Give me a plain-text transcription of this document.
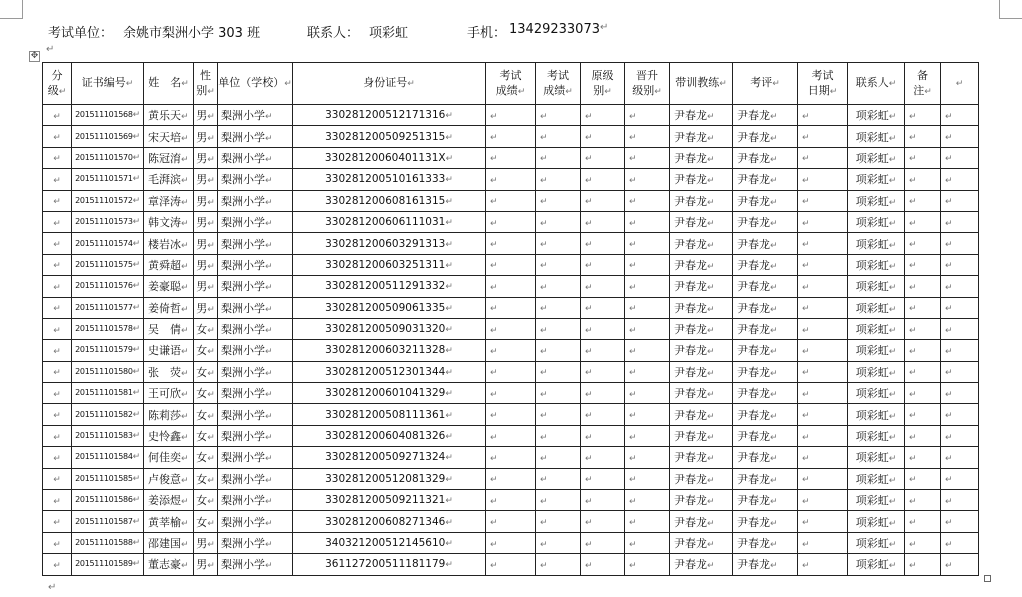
考试单位： 余姚市梨洲小学 303 班	联系人： 项彩虹	手机： 13429233073 ↵
↵
✥
分
级↵	证书编号↵	姓　名↵	性
别↵	单位（学校）↵	身份证号↵	考试
成绩↵	考试
成绩↵	原级
别↵	晋升
级别↵	带训教练↵	考评↵	考试
日期↵	联系人↵	备
注↵	↵
↵	201511101568↵	黄乐天↵	男↵	梨洲小学↵	330281200512171316↵	↵	↵	↵	↵	尹春龙↵	尹春龙↵	↵	项彩虹↵	↵	↵
↵	201511101569↵	宋天培↵	男↵	梨洲小学↵	330281200509251315↵	↵	↵	↵	↵	尹春龙↵	尹春龙↵	↵	项彩虹↵	↵	↵
↵	201511101570↵	陈冠淯↵	男↵	梨洲小学↵	33028120060401131X↵	↵	↵	↵	↵	尹春龙↵	尹春龙↵	↵	项彩虹↵	↵	↵
↵	201511101571↵	毛湃滨↵	男↵	梨洲小学↵	330281200510161333↵	↵	↵	↵	↵	尹春龙↵	尹春龙↵	↵	项彩虹↵	↵	↵
↵	201511101572↵	章泽涛↵	男↵	梨洲小学↵	330281200608161315↵	↵	↵	↵	↵	尹春龙↵	尹春龙↵	↵	项彩虹↵	↵	↵
↵	201511101573↵	韩文涛↵	男↵	梨洲小学↵	330281200606111031↵	↵	↵	↵	↵	尹春龙↵	尹春龙↵	↵	项彩虹↵	↵	↵
↵	201511101574↵	楼岩冰↵	男↵	梨洲小学↵	330281200603291313↵	↵	↵	↵	↵	尹春龙↵	尹春龙↵	↵	项彩虹↵	↵	↵
↵	201511101575↵	黄舜超↵	男↵	梨洲小学↵	330281200603251311↵	↵	↵	↵	↵	尹春龙↵	尹春龙↵	↵	项彩虹↵	↵	↵
↵	201511101576↵	姜豪聪↵	男↵	梨洲小学↵	330281200511291332↵	↵	↵	↵	↵	尹春龙↵	尹春龙↵	↵	项彩虹↵	↵	↵
↵	201511101577↵	姜倚哲↵	男↵	梨洲小学↵	330281200509061335↵	↵	↵	↵	↵	尹春龙↵	尹春龙↵	↵	项彩虹↵	↵	↵
↵	201511101578↵	吴　倩↵	女↵	梨洲小学↵	330281200509031320↵	↵	↵	↵	↵	尹春龙↵	尹春龙↵	↵	项彩虹↵	↵	↵
↵	201511101579↵	史谦语↵	女↵	梨洲小学↵	330281200603211328↵	↵	↵	↵	↵	尹春龙↵	尹春龙↵	↵	项彩虹↵	↵	↵
↵	201511101580↵	张　荧↵	女↵	梨洲小学↵	330281200512301344↵	↵	↵	↵	↵	尹春龙↵	尹春龙↵	↵	项彩虹↵	↵	↵
↵	201511101581↵	王可欣↵	女↵	梨洲小学↵	330281200601041329↵	↵	↵	↵	↵	尹春龙↵	尹春龙↵	↵	项彩虹↵	↵	↵
↵	201511101582↵	陈莉莎↵	女↵	梨洲小学↵	330281200508111361↵	↵	↵	↵	↵	尹春龙↵	尹春龙↵	↵	项彩虹↵	↵	↵
↵	201511101583↵	史怜鑫↵	女↵	梨洲小学↵	330281200604081326↵	↵	↵	↵	↵	尹春龙↵	尹春龙↵	↵	项彩虹↵	↵	↵
↵	201511101584↵	何佳奕↵	女↵	梨洲小学↵	330281200509271324↵	↵	↵	↵	↵	尹春龙↵	尹春龙↵	↵	项彩虹↵	↵	↵
↵	201511101585↵	卢俊意↵	女↵	梨洲小学↵	330281200512081329↵	↵	↵	↵	↵	尹春龙↵	尹春龙↵	↵	项彩虹↵	↵	↵
↵	201511101586↵	姜添煜↵	女↵	梨洲小学↵	330281200509211321↵	↵	↵	↵	↵	尹春龙↵	尹春龙↵	↵	项彩虹↵	↵	↵
↵	201511101587↵	黄莘榆↵	女↵	梨洲小学↵	330281200608271346↵	↵	↵	↵	↵	尹春龙↵	尹春龙↵	↵	项彩虹↵	↵	↵
↵	201511101588↵	邵建国↵	男↵	梨洲小学↵	340321200512145610↵	↵	↵	↵	↵	尹春龙↵	尹春龙↵	↵	项彩虹↵	↵	↵
↵	201511101589↵	董志豪↵	男↵	梨洲小学↵	361127200511181179↵	↵	↵	↵	↵	尹春龙↵	尹春龙↵	↵	项彩虹↵	↵	↵
↵
